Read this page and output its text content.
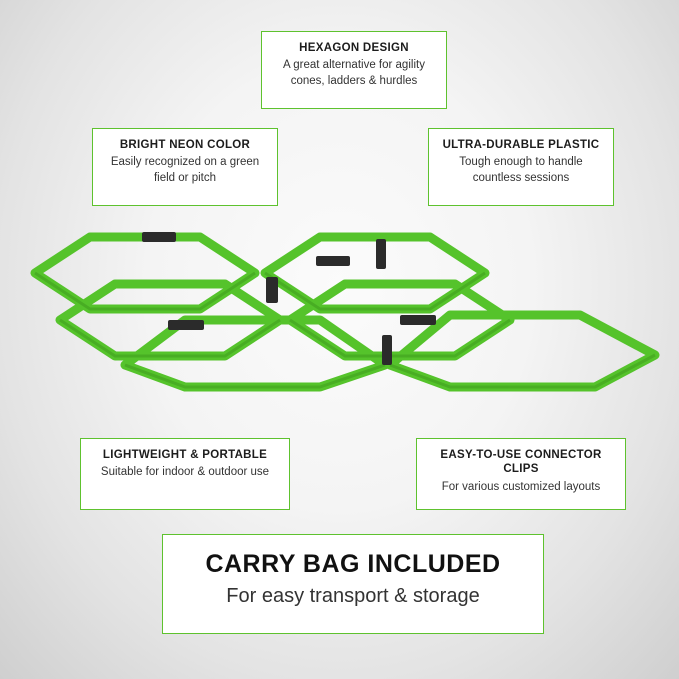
HEXAGON DESIGN
A great alternative for agility cones, ladders & hurdles
BRIGHT NEON COLOR
Easily recognized on a green field or pitch
ULTRA-DURABLE PLASTIC
Tough enough to handle countless sessions
LIGHTWEIGHT & PORTABLE
Suitable for indoor & outdoor use
EASY-TO-USE CONNECTOR CLIPS
For various customized layouts
CARRY BAG INCLUDED
For easy transport & storage
